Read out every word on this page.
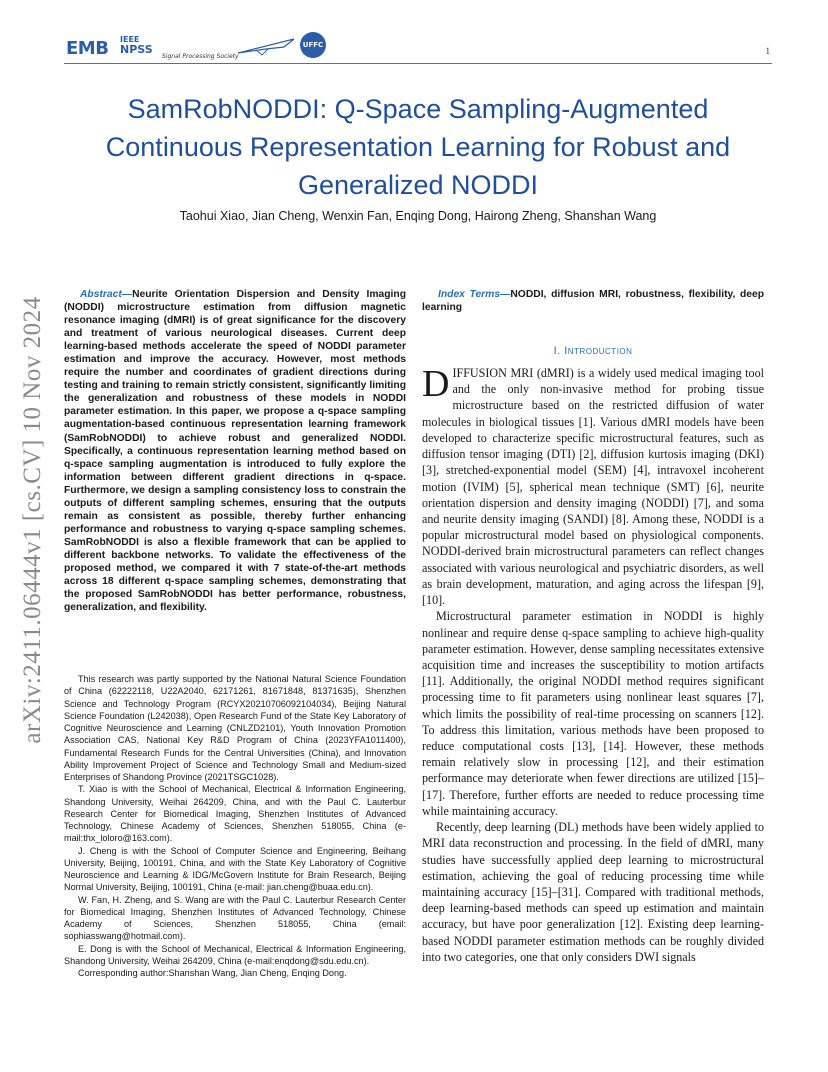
EMB IEEE
NPSS Signal Processing Society
UFFC
1
arXiv:2411.06444v1 [cs.CV] 10 Nov 2024
SamRobNODDI: Q-Space Sampling-Augmented Continuous Representation Learning for Robust and Generalized NODDI
Taohui Xiao, Jian Cheng, Wenxin Fan, Enqing Dong, Hairong Zheng, Shanshan Wang

Abstract—Neurite Orientation Dispersion and Density Imaging (NODDI) microstructure estimation from diffusion magnetic resonance imaging (dMRI) is of great significance for the discovery and treatment of various neurological diseases. Current deep learning-based methods accelerate the speed of NODDI parameter estimation and improve the accuracy. However, most methods require the number and coordinates of gradient directions during testing and training to remain strictly consistent, significantly limiting the generalization and robustness of these models in NODDI parameter estimation. In this paper, we propose a q-space sampling augmentation-based continuous representation learning framework (SamRobNODDI) to achieve robust and generalized NODDI. Specifically, a continuous representation learning method based on q-space sampling augmentation is introduced to fully explore the information between different gradient directions in q-space. Furthermore, we design a sampling consistency loss to constrain the outputs of different sampling schemes, ensuring that the outputs remain as consistent as possible, thereby further enhancing performance and robustness to varying q-space sampling schemes. SamRobNODDI is also a flexible framework that can be applied to different backbone networks. To validate the effectiveness of the proposed method, we compared it with 7 state-of-the-art methods across 18 different q-space sampling schemes, demonstrating that the proposed SamRobNODDI has better performance, robustness, generalization, and flexibility.

This research was partly supported by the National Natural Science Foundation of China (62222118, U22A2040, 62171261, 81671848, 81371635), Shenzhen Science and Technology Program (RCYX20210706092104034), Beijing Natural Science Foundation (L242038), Open Research Fund of the State Key Laboratory of Cognitive Neuroscience and Learning (CNLZD2101), Youth Innovation Promotion Association CAS, National Key R&D Program of China (2023YFA1011400), Fundamental Research Funds for the Central Universities (China), and Innovation Ability Improvement Project of Science and Technology Small and Medium-sized Enterprises of Shandong Province (2021TSGC1028).

T. Xiao is with the School of Mechanical, Electrical & Information Engineering, Shandong University, Weihai 264209, China, and with the Paul C. Lauterbur Research Center for Biomedical Imaging, Shenzhen Institutes of Advanced Technology, Chinese Academy of Sciences, Shenzhen 518055, China (e-mail:thx_loloro@163.com).

J. Cheng is with the School of Computer Science and Engineering, Beihang University, Beijing, 100191, China, and with the State Key Laboratory of Cognitive Neuroscience and Learning & IDG/McGovern Institute for Brain Research, Beijing Normal University, Beijing, 100191, China (e-mail: jian.cheng@buaa.edu.cn).

W. Fan, H. Zheng, and S. Wang are with the Paul C. Lauterbur Research Center for Biomedical Imaging, Shenzhen Institutes of Advanced Technology, Chinese Academy of Sciences, Shenzhen 518055, China (email: sophiasswang@hotmail.com).

E. Dong is with the School of Mechanical, Electrical & Information Engineering, Shandong University, Weihai 264209, China (e-mail:enqdong@sdu.edu.cn).

Corresponding author:Shanshan Wang, Jian Cheng, Enqing Dong.

Index Terms—NODDI, diffusion MRI, robustness, flexibility, deep learning

I. Introduction

DIFFUSION MRI (dMRI) is a widely used medical imaging tool and the only non-invasive method for probing tissue microstructure based on the restricted diffusion of water molecules in biological tissues [1]. Various dMRI models have been developed to characterize specific microstructural features, such as diffusion tensor imaging (DTI) [2], diffusion kurtosis imaging (DKI) [3], stretched-exponential model (SEM) [4], intravoxel incoherent motion (IVIM) [5], spherical mean technique (SMT) [6], neurite orientation dispersion and density imaging (NODDI) [7], and soma and neurite density imaging (SANDI) [8]. Among these, NODDI is a popular microstructural model based on physiological components. NODDI-derived brain microstructural parameters can reflect changes associated with various neurological and psychiatric disorders, as well as brain development, maturation, and aging across the lifespan [9], [10].

Microstructural parameter estimation in NODDI is highly nonlinear and require dense q-space sampling to achieve high-quality parameter estimation. However, dense sampling necessitates extensive acquisition time and increases the susceptibility to motion artifacts [11]. Additionally, the original NODDI method requires significant processing time to fit parameters using nonlinear least squares [7], which limits the possibility of real-time processing on scanners [12]. To address this limitation, various methods have been proposed to reduce computational costs [13], [14]. However, these methods remain relatively slow in processing [12], and their estimation performance may deteriorate when fewer directions are utilized [15]–[17]. Therefore, further efforts are needed to reduce processing time while maintaining accuracy.

Recently, deep learning (DL) methods have been widely applied to MRI data reconstruction and processing. In the field of dMRI, many studies have successfully applied deep learning to microstructural estimation, achieving the goal of reducing processing time while maintaining accuracy [15]–[31]. Compared with traditional methods, deep learning-based methods can speed up estimation and maintain accuracy, but have poor generalization [12]. Existing deep learning-based NODDI parameter estimation methods can be roughly divided into two categories, one that only considers DWI signals
